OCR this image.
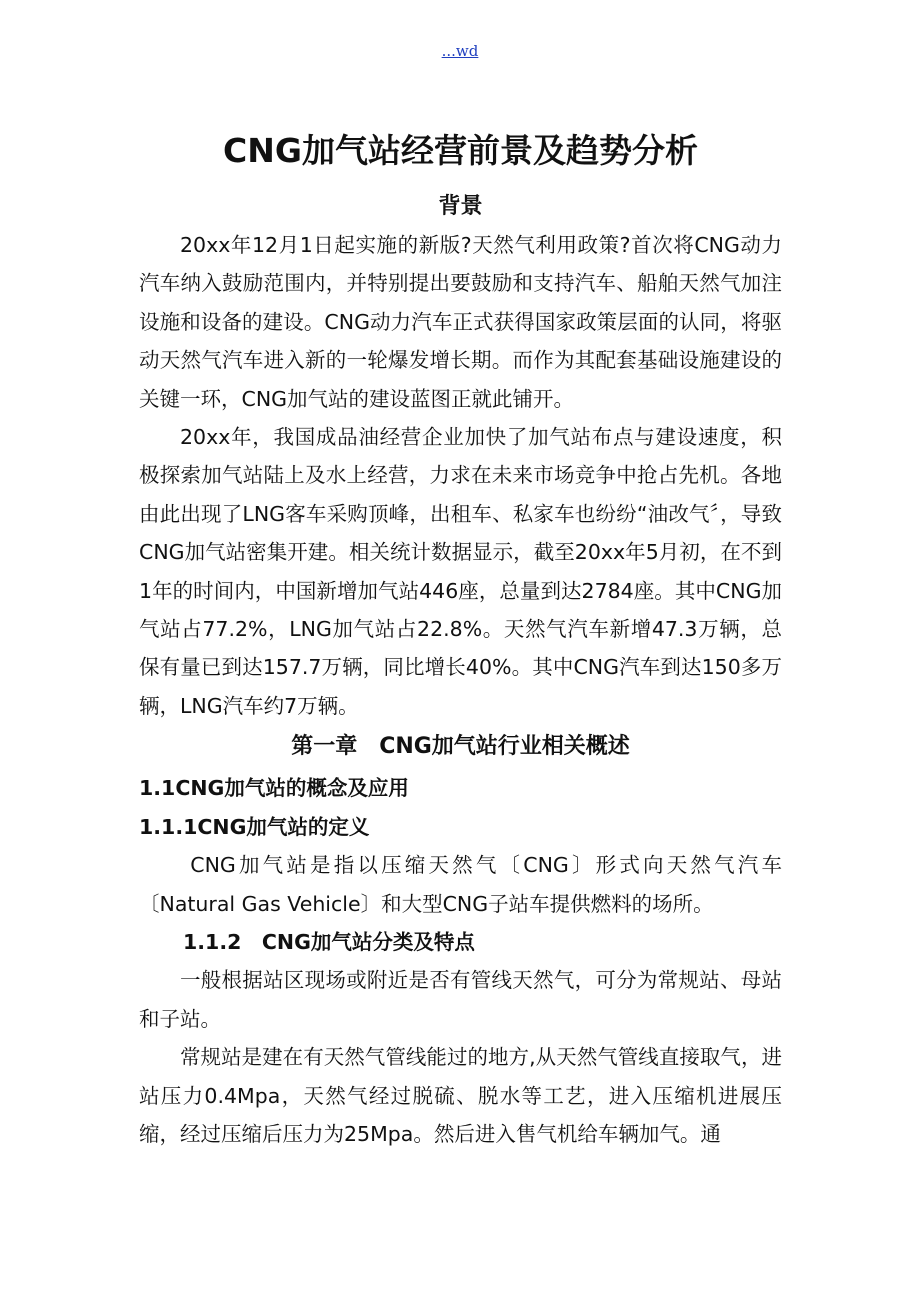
...wd
CNG加气站经营前景及趋势分析
背景

20xx年12月1日起实施的新版?天然气利用政策?首次将CNG动力汽车纳入鼓励范围内，并特别提出要鼓励和支持汽车、船舶天然气加注设施和设备的建设。CNG动力汽车正式获得国家政策层面的认同，将驱动天然气汽车进入新的一轮爆发增长期。而作为其配套基础设施建设的关键一环，CNG加气站的建设蓝图正就此铺开。

20xx年，我国成品油经营企业加快了加气站布点与建设速度，积极探索加气站陆上及水上经营，力求在未来市场竞争中抢占先机。各地由此出现了LNG客车采购顶峰，出租车、私家车也纷纷“油改气〞，导致CNG加气站密集开建。相关统计数据显示，截至20xx年5月初，在不到1年的时间内，中国新增加气站446座，总量到达2784座。其中CNG加气站占77.2%，LNG加气站占22.8%。天然气汽车新增47.3万辆，总保有量已到达157.7万辆，同比增长40%。其中CNG汽车到达150多万辆，LNG汽车约7万辆。

第一章　CNG加气站行业相关概述
1.1CNG加气站的概念及应用
1.1.1CNG加气站的定义

CNG加气站是指以压缩天然气〔CNG〕形式向天然气汽车〔Natural Gas Vehicle〕和大型CNG子站车提供燃料的场所。

1.1.2　CNG加气站分类及特点

一般根据站区现场或附近是否有管线天然气，可分为常规站、母站和子站。

常规站是建在有天然气管线能过的地方,从天然气管线直接取气，进站压力0.4Mpa，天然气经过脱硫、脱水等工艺，进入压缩机进展压缩，经过压缩后压力为25Mpa。然后进入售气机给车辆加气。通
